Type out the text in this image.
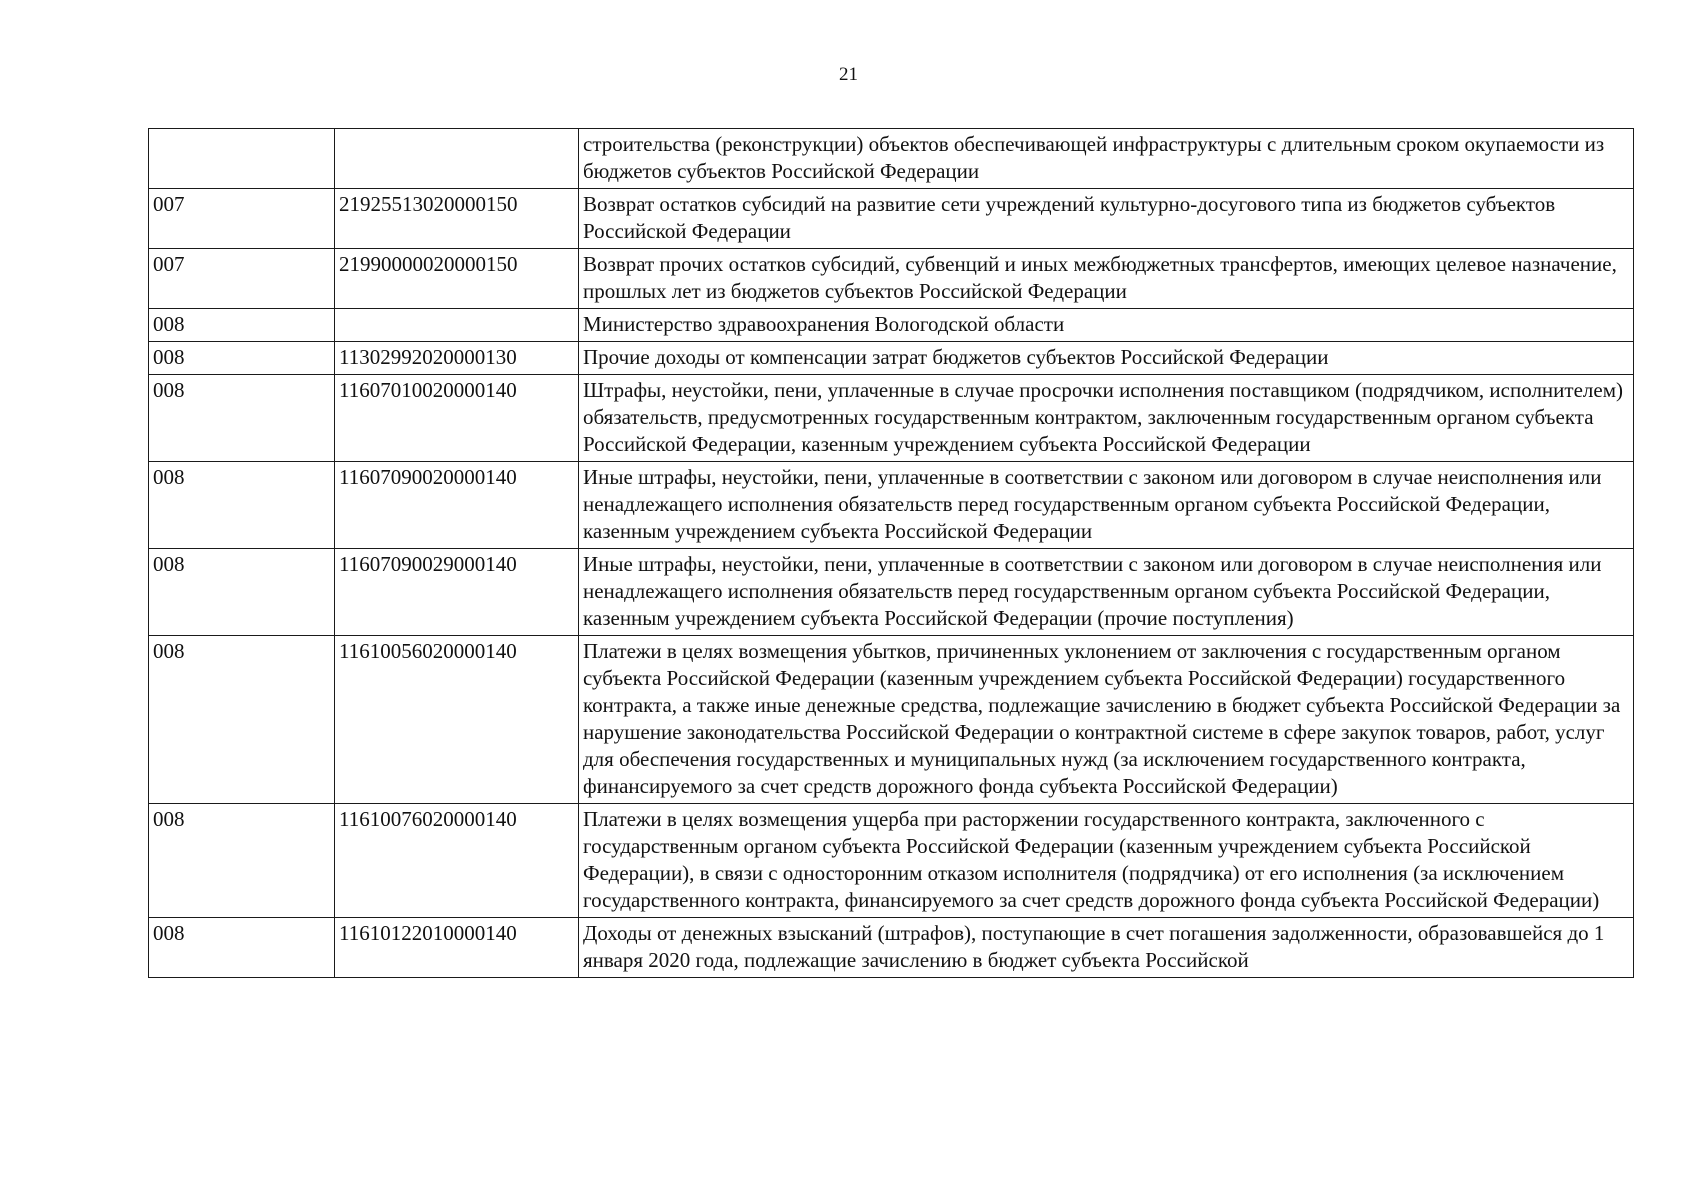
21
		строительства (реконструкции) объектов обеспечивающей инфраструктуры с длительным сроком окупаемости из бюджетов субъектов Российской Федерации
007	21925513020000150	Возврат остатков субсидий на развитие сети учреждений культурно-досугового типа из бюджетов субъектов Российской Федерации
007	21990000020000150	Возврат прочих остатков субсидий, субвенций и иных межбюджетных трансфертов, имеющих целевое назначение, прошлых лет из бюджетов субъектов Российской Федерации
008		Министерство здравоохранения Вологодской области
008	11302992020000130	Прочие доходы от компенсации затрат бюджетов субъектов Российской Федерации
008	11607010020000140	Штрафы, неустойки, пени, уплаченные в случае просрочки исполнения поставщиком (подрядчиком, исполнителем) обязательств, предусмотренных государственным контрактом, заключенным государственным органом субъекта Российской Федерации, казенным учреждением субъекта Российской Федерации
008	11607090020000140	Иные штрафы, неустойки, пени, уплаченные в соответствии с законом или договором в случае неисполнения или ненадлежащего исполнения обязательств перед государственным органом субъекта Российской Федерации, казенным учреждением субъекта Российской Федерации
008	11607090029000140	Иные штрафы, неустойки, пени, уплаченные в соответствии с законом или договором в случае неисполнения или ненадлежащего исполнения обязательств перед государственным органом субъекта Российской Федерации, казенным учреждением субъекта Российской Федерации (прочие поступления)
008	11610056020000140	Платежи в целях возмещения убытков, причиненных уклонением от заключения с государственным органом субъекта Российской Федерации (казенным учреждением субъекта Российской Федерации) государственного контракта, а также иные денежные средства, подлежащие зачислению в бюджет субъекта Российской Федерации за нарушение законодательства Российской Федерации о контрактной системе в сфере закупок товаров, работ, услуг для обеспечения государственных и муниципальных нужд (за исключением государственного контракта, финансируемого за счет средств дорожного фонда субъекта Российской Федерации)
008	11610076020000140	Платежи в целях возмещения ущерба при расторжении государственного контракта, заключенного с государственным органом субъекта Российской Федерации (казенным учреждением субъекта Российской Федерации), в связи с односторонним отказом исполнителя (подрядчика) от его исполнения (за исключением государственного контракта, финансируемого за счет средств дорожного фонда субъекта Российской Федерации)
008	11610122010000140	Доходы от денежных взысканий (штрафов), поступающие в счет погашения задолженности, образовавшейся до 1 января 2020 года, подлежащие зачислению в бюджет субъекта Российской
